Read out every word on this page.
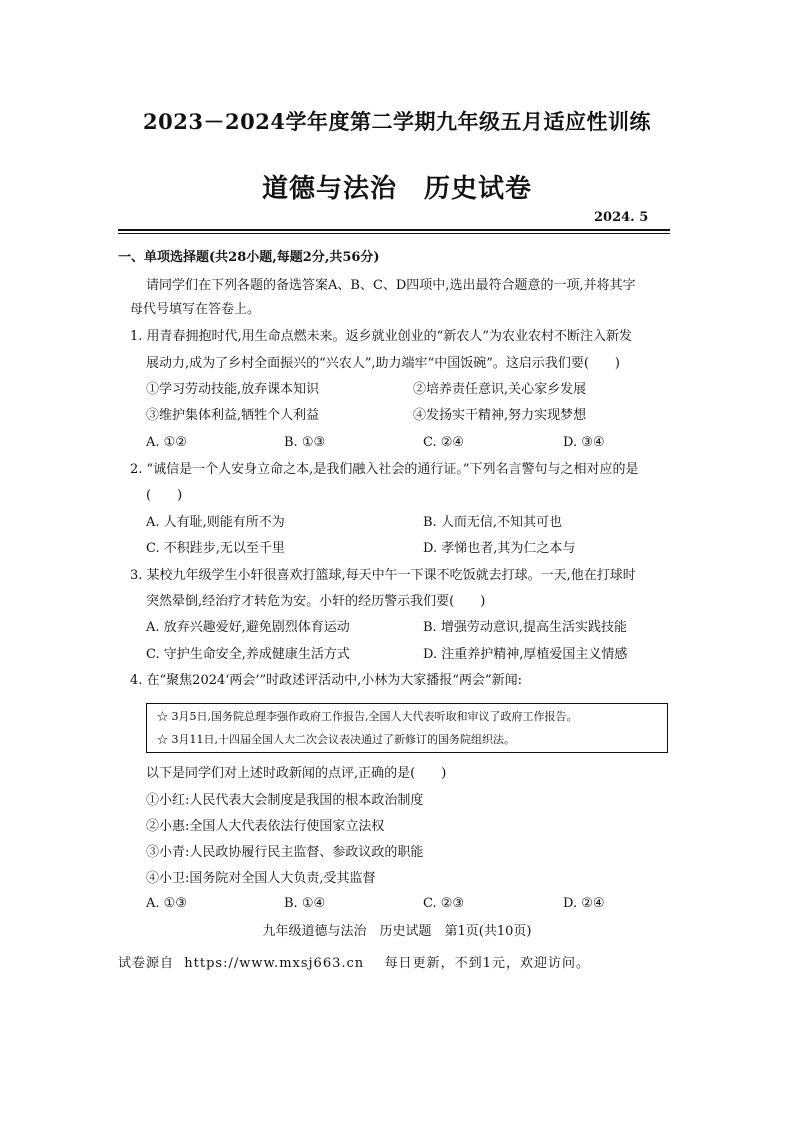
2023－2024学年度第二学期九年级五月适应性训练
道德与法治　历史试卷
2024. 5
一、单项选择题(共28小题,每题2分,共56分)
请同学们在下列各题的备选答案A、B、C、D四项中,选出最符合题意的一项,并将其字
母代号填写在答卷上。
1. 用青春拥抱时代,用生命点燃未来。返乡就业创业的“新农人”为农业农村不断注入新发
展动力,成为了乡村全面振兴的“兴农人”,助力端牢“中国饭碗”。这启示我们要(　　)
①学习劳动技能,放弃课本知识	②培养责任意识,关心家乡发展
③维护集体利益,牺牲个人利益	④发扬实干精神,努力实现梦想
A. ①②	B. ①③	C. ②④	D. ③④
2. “诚信是一个人安身立命之本,是我们融入社会的通行证。”下列名言警句与之相对应的是
(　　)
A. 人有耻,则能有所不为	B. 人而无信,不知其可也
C. 不积跬步,无以至千里	D. 孝悌也者,其为仁之本与
3. 某校九年级学生小轩很喜欢打篮球,每天中午一下课不吃饭就去打球。一天,他在打球时
突然晕倒,经治疗才转危为安。小轩的经历警示我们要(　　)
A. 放弃兴趣爱好,避免剧烈体育运动	B. 增强劳动意识,提高生活实践技能
C. 守护生命安全,养成健康生活方式	D. 注重养护精神,厚植爱国主义情感
4. 在“聚焦2024‘两会’”时政述评活动中,小林为大家播报“两会”新闻:
☆ 3月5日,国务院总理李强作政府工作报告,全国人大代表听取和审议了政府工作报告。
☆ 3月11日,十四届全国人大二次会议表决通过了新修订的国务院组织法。
以下是同学们对上述时政新闻的点评,正确的是(　　)
①小红:人民代表大会制度是我国的根本政治制度
②小惠:全国人大代表依法行使国家立法权
③小青:人民政协履行民主监督、参政议政的职能
④小卫:国务院对全国人大负责,受其监督
A. ①③	B. ①④	C. ②③	D. ②④
九年级道德与法治　历史试题　第1页(共10页)
试卷源自  https://www.mxsj663.cn    每日更新，不到1元，欢迎访问。
